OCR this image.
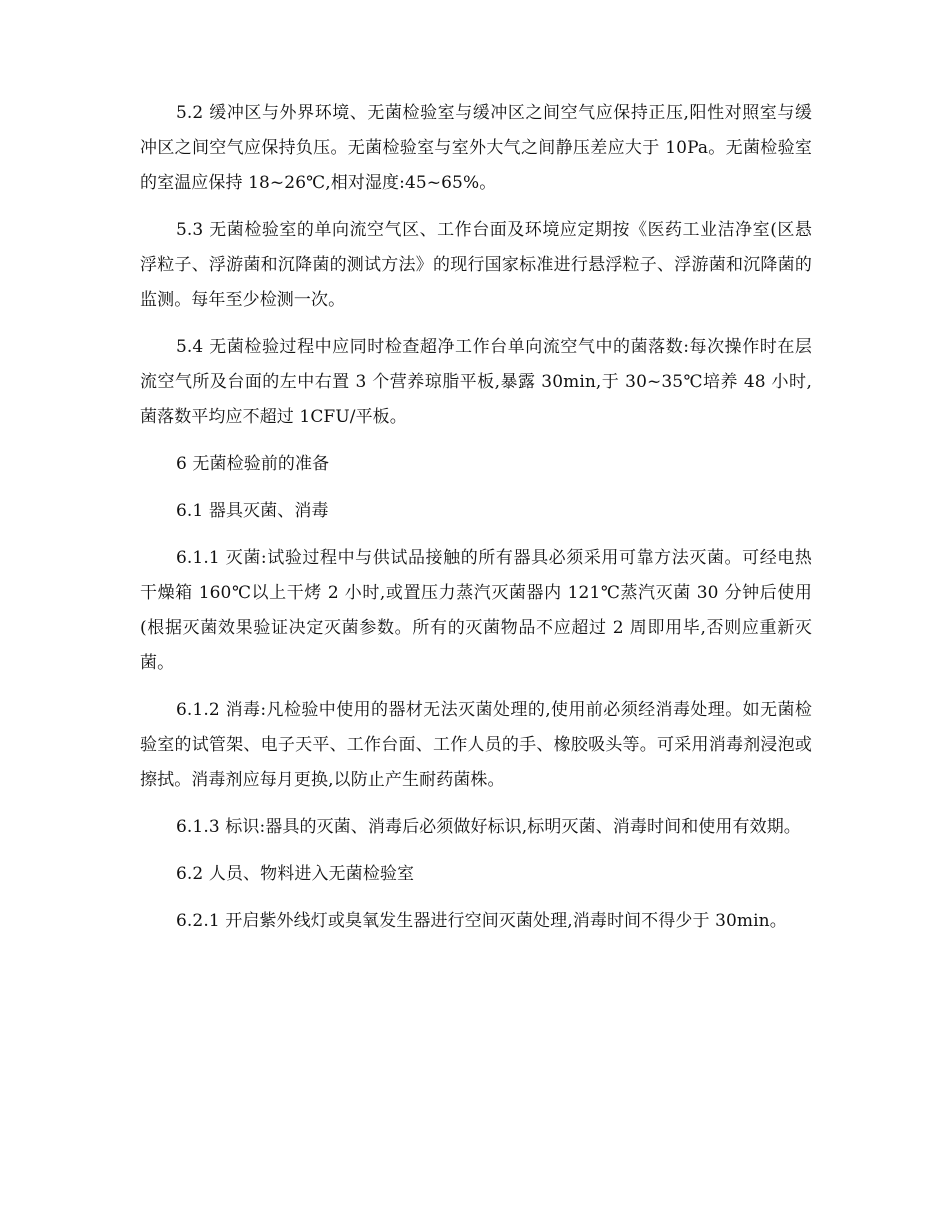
5.2 缓冲区与外界环境、无菌检验室与缓冲区之间空气应保持正压,阳性对照室与缓冲区之间空气应保持负压。无菌检验室与室外大气之间静压差应大于 10Pa。无菌检验室的室温应保持 18~26℃,相对湿度:45~65%。

5.3 无菌检验室的单向流空气区、工作台面及环境应定期按《医药工业洁净室(区悬浮粒子、浮游菌和沉降菌的测试方法》的现行国家标准进行悬浮粒子、浮游菌和沉降菌的监测。每年至少检测一次。

5.4 无菌检验过程中应同时检查超净工作台单向流空气中的菌落数:每次操作时在层流空气所及台面的左中右置 3 个营养琼脂平板,暴露 30min,于 30~35℃培养 48 小时,菌落数平均应不超过 1CFU/平板。

6 无菌检验前的准备

6.1 器具灭菌、消毒

6.1.1 灭菌:试验过程中与供试品接触的所有器具必须采用可靠方法灭菌。可经电热干燥箱 160℃以上干烤 2 小时,或置压力蒸汽灭菌器内 121℃蒸汽灭菌 30 分钟后使用(根据灭菌效果验证决定灭菌参数。所有的灭菌物品不应超过 2 周即用毕,否则应重新灭菌。

6.1.2 消毒:凡检验中使用的器材无法灭菌处理的,使用前必须经消毒处理。如无菌检验室的试管架、电子天平、工作台面、工作人员的手、橡胶吸头等。可采用消毒剂浸泡或擦拭。消毒剂应每月更换,以防止产生耐药菌株。

6.1.3 标识:器具的灭菌、消毒后必须做好标识,标明灭菌、消毒时间和使用有效期。

6.2 人员、物料进入无菌检验室

6.2.1 开启紫外线灯或臭氧发生器进行空间灭菌处理,消毒时间不得少于 30min。
